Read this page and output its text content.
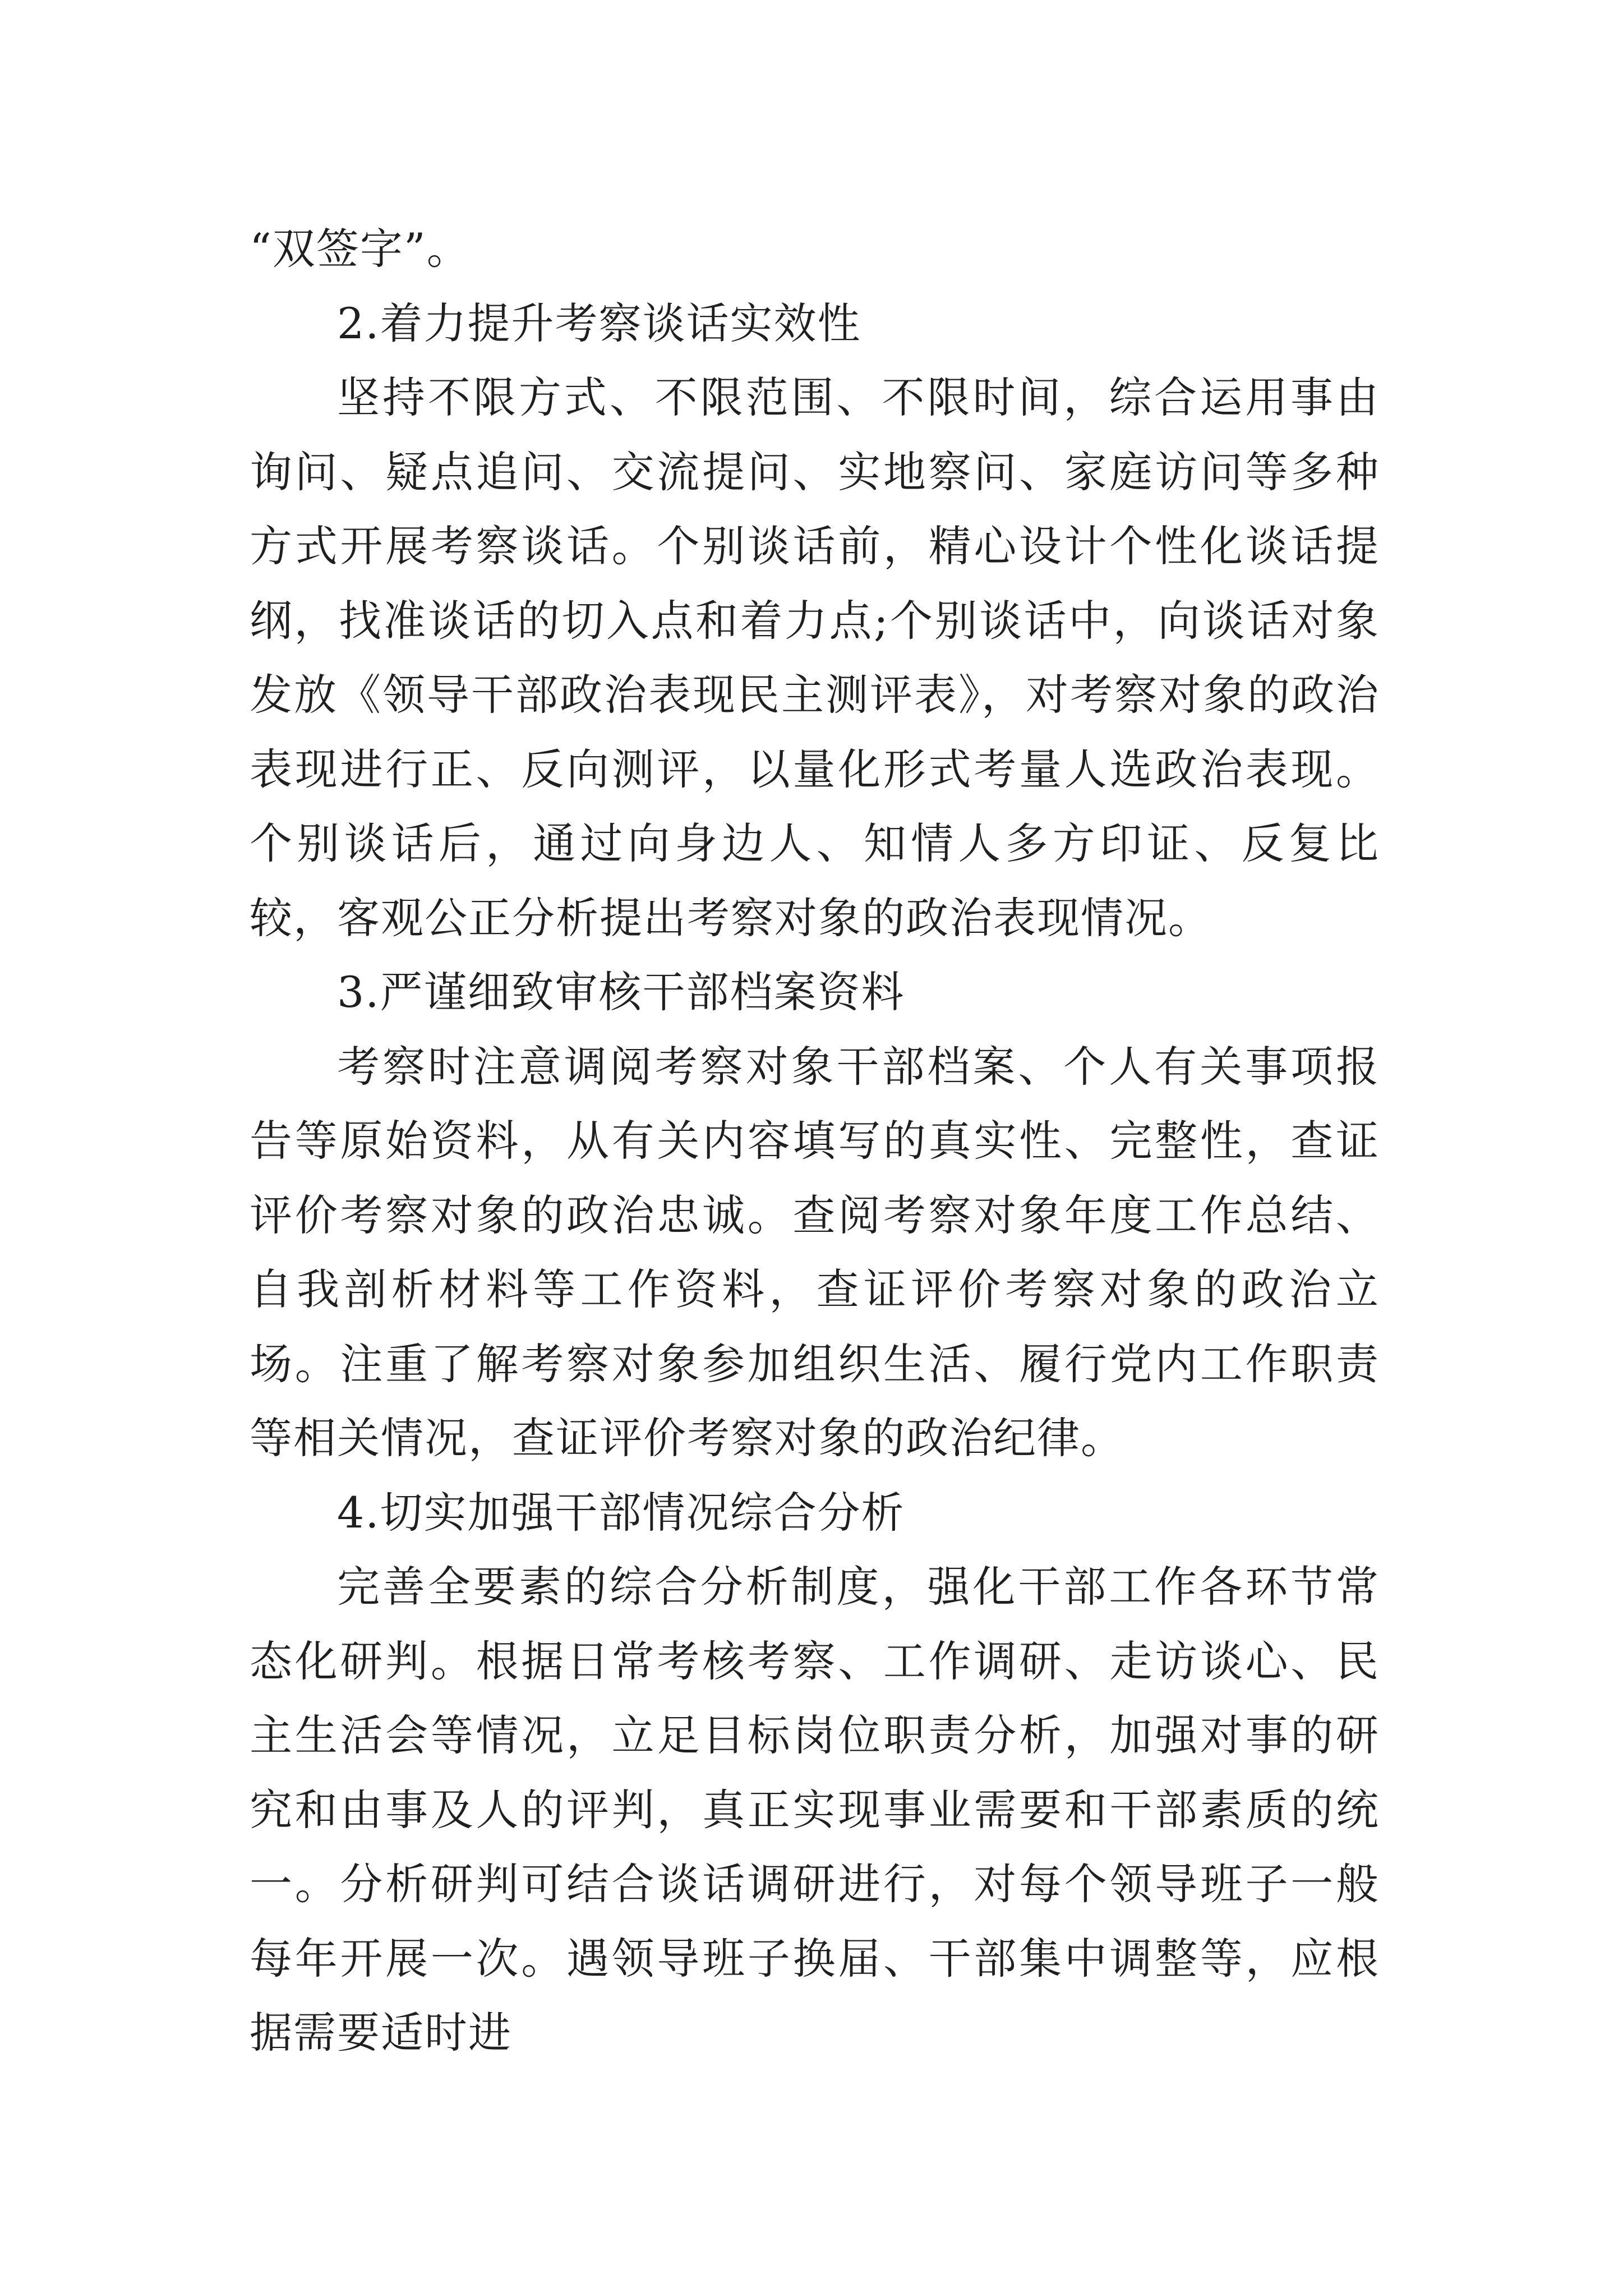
“双签字”。

2.着力提升考察谈话实效性

坚持不限方式、不限范围、不限时间，综合运用事由询问、疑点追问、交流提问、实地察问、家庭访问等多种方式开展考察谈话。个别谈话前，精心设计个性化谈话提纲，找准谈话的切入点和着力点;个别谈话中，向谈话对象发放《领导干部政治表现民主测评表》，对考察对象的政治表现进行正、反向测评，以量化形式考量人选政治表现。个别谈话后，通过向身边人、知情人多方印证、反复比较，客观公正分析提出考察对象的政治表现情况。

3.严谨细致审核干部档案资料

考察时注意调阅考察对象干部档案、个人有关事项报告等原始资料，从有关内容填写的真实性、完整性，查证评价考察对象的政治忠诚。查阅考察对象年度工作总结、自我剖析材料等工作资料，查证评价考察对象的政治立场。注重了解考察对象参加组织生活、履行党内工作职责等相关情况，查证评价考察对象的政治纪律。

4.切实加强干部情况综合分析

完善全要素的综合分析制度，强化干部工作各环节常态化研判。根据日常考核考察、工作调研、走访谈心、民主生活会等情况，立足目标岗位职责分析，加强对事的研究和由事及人的评判，真正实现事业需要和干部素质的统一。分析研判可结合谈话调研进行，对每个领导班子一般每年开展一次。遇领导班子换届、干部集中调整等，应根据需要适时进
